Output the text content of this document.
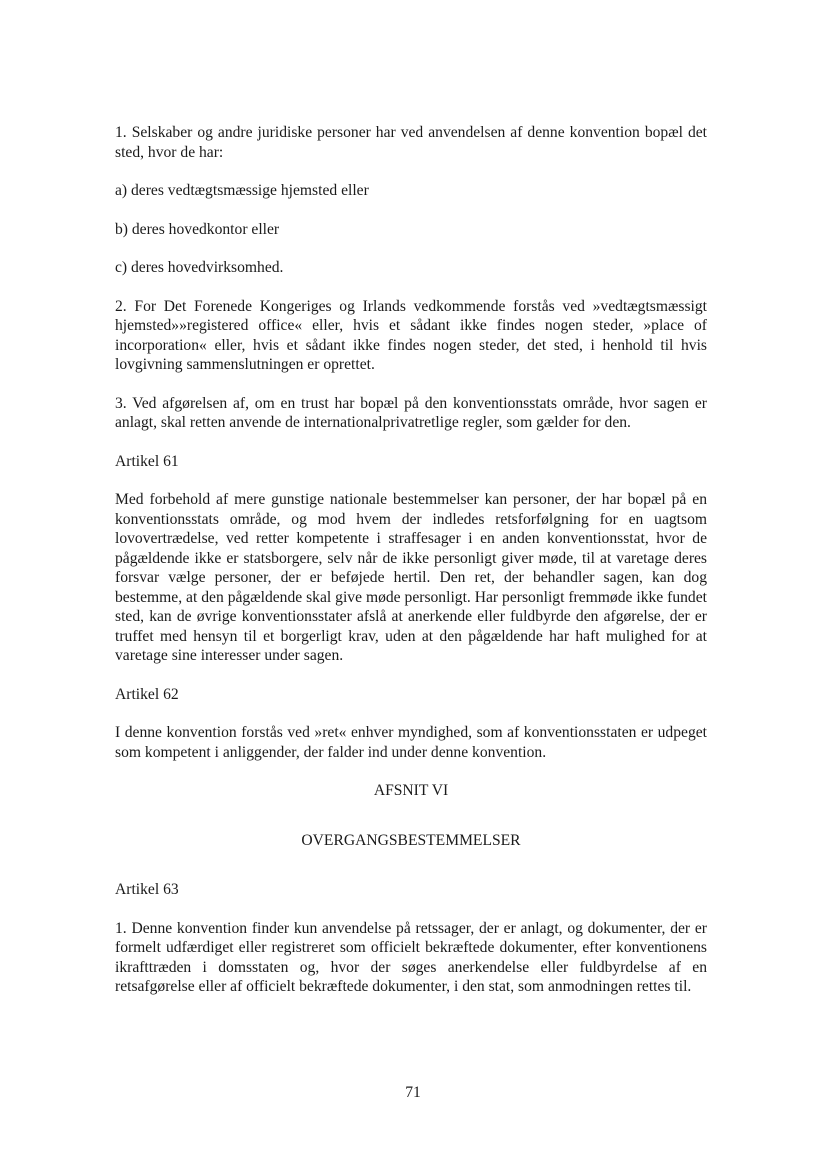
1. Selskaber og andre juridiske personer har ved anvendelsen af denne konvention bopæl det sted, hvor de har:

a) deres vedtægtsmæssige hjemsted eller

b) deres hovedkontor eller

c) deres hovedvirksomhed.

2. For Det Forenede Kongeriges og Irlands vedkommende forstås ved »vedtægtsmæssigt hjemsted»»registered office« eller, hvis et sådant ikke findes nogen steder, »place of incorporation« eller, hvis et sådant ikke findes nogen steder, det sted, i henhold til hvis lovgivning sammenslutningen er oprettet.

3. Ved afgørelsen af, om en trust har bopæl på den konventionsstats område, hvor sagen er anlagt, skal retten anvende de internationalprivatretlige regler, som gælder for den.

Artikel 61

Med forbehold af mere gunstige nationale bestemmelser kan personer, der har bopæl på en konventionsstats område, og mod hvem der indledes retsforfølgning for en uagtsom lovovertrædelse, ved retter kompetente i straffesager i en anden konventionsstat, hvor de pågældende ikke er statsborgere, selv når de ikke personligt giver møde, til at varetage deres forsvar vælge personer, der er beføjede hertil. Den ret, der behandler sagen, kan dog bestemme, at den pågældende skal give møde personligt. Har personligt fremmøde ikke fundet sted, kan de øvrige konventionsstater afslå at anerkende eller fuldbyrde den afgørelse, der er truffet med hensyn til et borgerligt krav, uden at den pågældende har haft mulighed for at varetage sine interesser under sagen.

Artikel 62

I denne konvention forstås ved »ret« enhver myndighed, som af konventionsstaten er udpeget som kompetent i anliggender, der falder ind under denne konvention.

AFSNIT VI

OVERGANGSBESTEMMELSER

Artikel 63

1. Denne konvention finder kun anvendelse på retssager, der er anlagt, og dokumenter, der er formelt udfærdiget eller registreret som officielt bekræftede dokumenter, efter konventionens ikrafttræden i domsstaten og, hvor der søges anerkendelse eller fuldbyrdelse af en retsafgørelse eller af officielt bekræftede dokumenter, i den stat, som anmodningen rettes til.

71
